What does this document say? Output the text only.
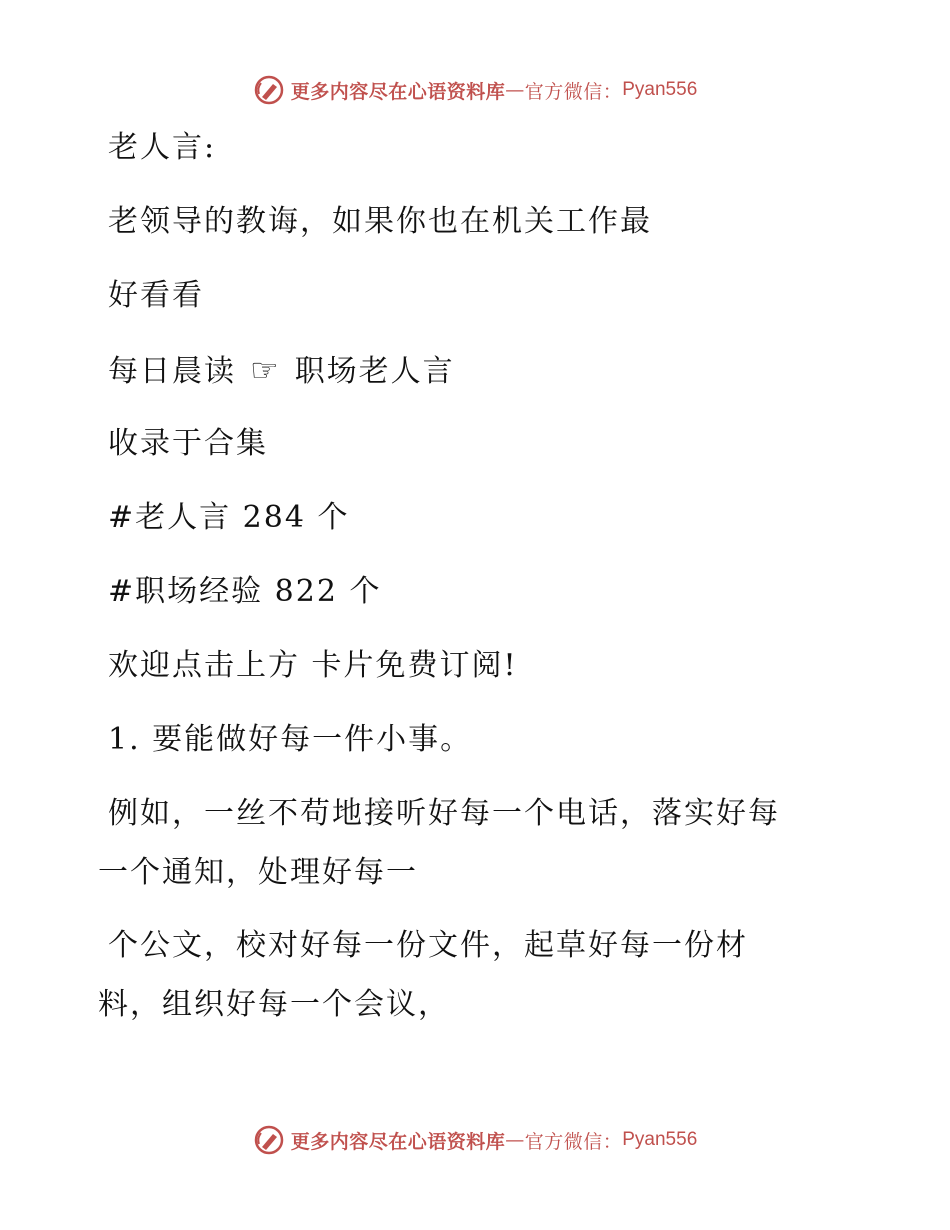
更多内容尽在心语资料库 — 官方微信： Pyan556
老人言:
老领导的教诲，如果你也在机关工作最
好看看
每日晨读 ☞ 职场老人言
收录于合集
#老人言 284 个
#职场经验 822 个
欢迎点击上方 卡片免费订阅!
1. 要能做好每一件小事。
例如，一丝不苟地接听好每一个电话，落实好每
一个通知，处理好每一
个公文，校对好每一份文件，起草好每一份材
料，组织好每一个会议，
更多内容尽在心语资料库 — 官方微信： Pyan556
